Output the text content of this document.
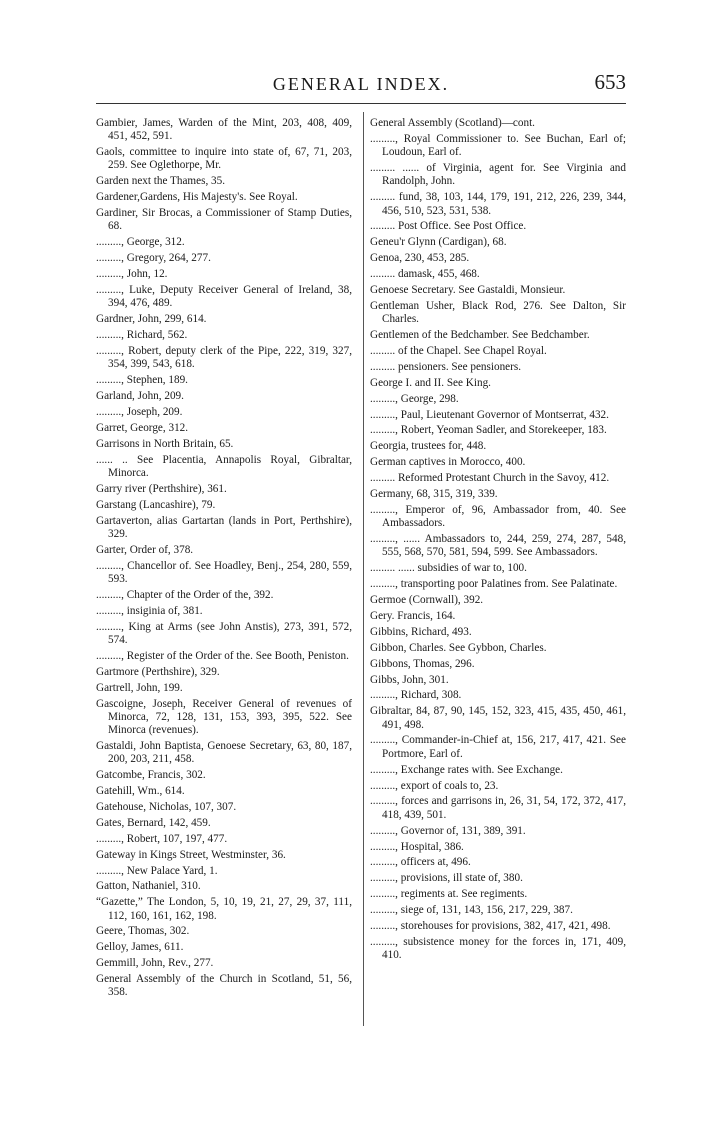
GENERAL INDEX.	653
Gambier, James, Warden of the Mint, 203, 408, 409, 451, 452, 591.
Gaols, committee to inquire into state of, 67, 71, 203, 259. See Oglethorpe, Mr.
Garden next the Thames, 35.
Gardener,Gardens, His Majesty's. See Royal.
Gardiner, Sir Brocas, a Commissioner of Stamp Duties, 68.
........., George, 312.
........., Gregory, 264, 277.
........., John, 12.
........., Luke, Deputy Receiver General of Ireland, 38, 394, 476, 489.
Gardner, John, 299, 614.
........., Richard, 562.
........., Robert, deputy clerk of the Pipe, 222, 319, 327, 354, 399, 543, 618.
........., Stephen, 189.
Garland, John, 209.
........., Joseph, 209.
Garret, George, 312.
Garrisons in North Britain, 65.
...... .. See Placentia, Annapolis Royal, Gibraltar, Minorca.
Garry river (Perthshire), 361.
Garstang (Lancashire), 79.
Gartaverton, alias Gartartan (lands in Port, Perthshire), 329.
Garter, Order of, 378.
........., Chancellor of. See Hoadley, Benj., 254, 280, 559, 593.
........., Chapter of the Order of the, 392.
........., insiginia of, 381.
........., King at Arms (see John Anstis), 273, 391, 572, 574.
........., Register of the Order of the. See Booth, Peniston.
Gartmore (Perthshire), 329.
Gartrell, John, 199.
Gascoigne, Joseph, Receiver General of revenues of Minorca, 72, 128, 131, 153, 393, 395, 522. See Minorca (revenues).
Gastaldi, John Baptista, Genoese Secretary, 63, 80, 187, 200, 203, 211, 458.
Gatcombe, Francis, 302.
Gatehill, Wm., 614.
Gatehouse, Nicholas, 107, 307.
Gates, Bernard, 142, 459.
........., Robert, 107, 197, 477.
Gateway in Kings Street, Westminster, 36.
........., New Palace Yard, 1.
Gatton, Nathaniel, 310.
“Gazette,” The London, 5, 10, 19, 21, 27, 29, 37, 111, 112, 160, 161, 162, 198.
Geere, Thomas, 302.
Gelloy, James, 611.
Gemmill, John, Rev., 277.
General Assembly of the Church in Scotland, 51, 56, 358.
General Assembly (Scotland)—cont.
........., Royal Commissioner to. See Buchan, Earl of; Loudoun, Earl of.
......... ...... of Virginia, agent for. See Virginia and Randolph, John.
......... fund, 38, 103, 144, 179, 191, 212, 226, 239, 344, 456, 510, 523, 531, 538.
......... Post Office. See Post Office.
Geneu'r Glynn (Cardigan), 68.
Genoa, 230, 453, 285.
......... damask, 455, 468.
Genoese Secretary. See Gastaldi, Monsieur.
Gentleman Usher, Black Rod, 276. See Dalton, Sir Charles.
Gentlemen of the Bedchamber. See Bedchamber.
......... of the Chapel. See Chapel Royal.
......... pensioners. See pensioners.
George I. and II. See King.
........., George, 298.
........., Paul, Lieutenant Governor of Montserrat, 432.
........., Robert, Yeoman Sadler, and Storekeeper, 183.
Georgia, trustees for, 448.
German captives in Morocco, 400.
......... Reformed Protestant Church in the Savoy, 412.
Germany, 68, 315, 319, 339.
........., Emperor of, 96, Ambassador from, 40. See Ambassadors.
........., ...... Ambassadors to, 244, 259, 274, 287, 548, 555, 568, 570, 581, 594, 599. See Ambassadors.
......... ...... subsidies of war to, 100.
........., transporting poor Palatines from. See Palatinate.
Germoe (Cornwall), 392.
Gery. Francis, 164.
Gibbins, Richard, 493.
Gibbon, Charles. See Gybbon, Charles.
Gibbons, Thomas, 296.
Gibbs, John, 301.
........., Richard, 308.
Gibraltar, 84, 87, 90, 145, 152, 323, 415, 435, 450, 461, 491, 498.
........., Commander-in-Chief at, 156, 217, 417, 421. See Portmore, Earl of.
........., Exchange rates with. See Exchange.
........., export of coals to, 23.
........., forces and garrisons in, 26, 31, 54, 172, 372, 417, 418, 439, 501.
........., Governor of, 131, 389, 391.
........., Hospital, 386.
........., officers at, 496.
........., provisions, ill state of, 380.
........., regiments at. See regiments.
........., siege of, 131, 143, 156, 217, 229, 387.
........., storehouses for provisions, 382, 417, 421, 498.
........., subsistence money for the forces in, 171, 409, 410.
